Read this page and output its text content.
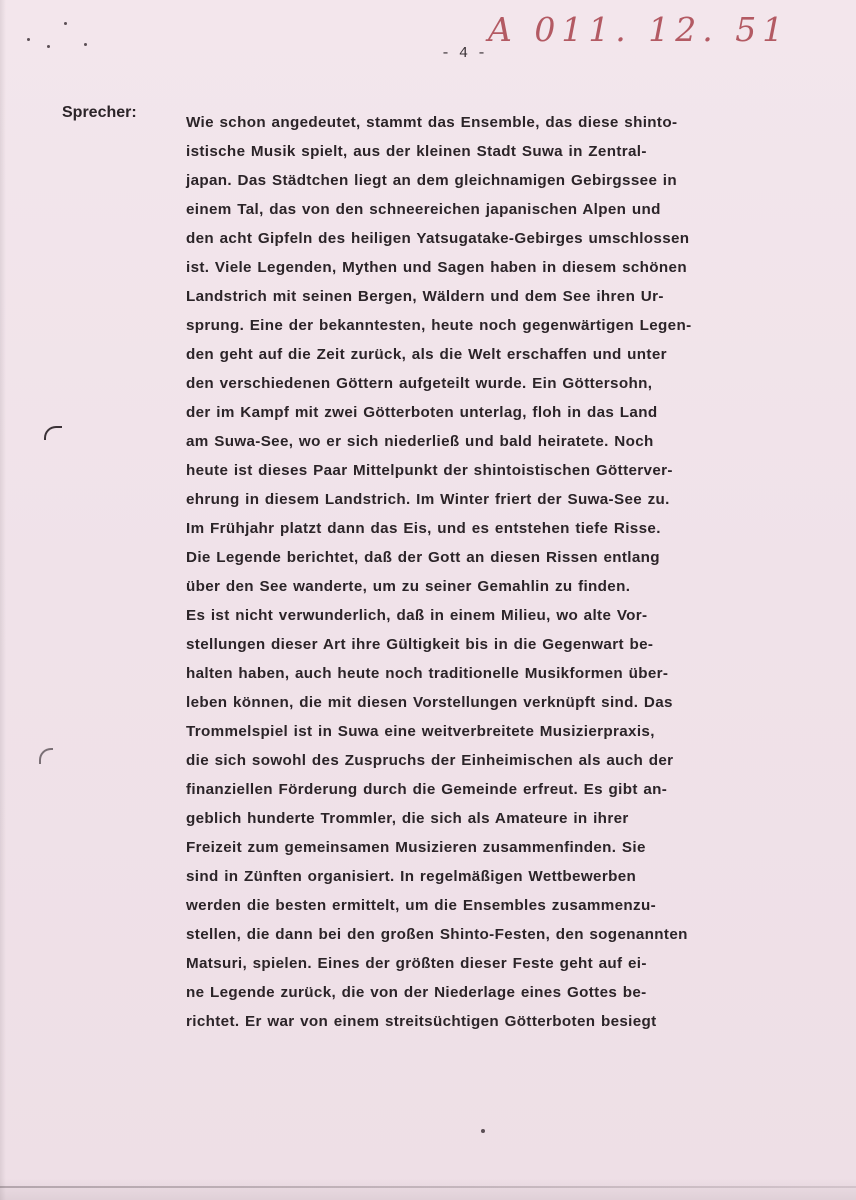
A 011. 12. 51
- 4 -
Sprecher:
Wie schon angedeutet, stammt das Ensemble, das diese shinto-
istische Musik spielt, aus der kleinen Stadt Suwa in Zentral-
japan. Das Städtchen liegt an dem gleichnamigen Gebirgssee in
einem Tal, das von den schneereichen japanischen Alpen und
den acht Gipfeln des heiligen Yatsugatake-Gebirges umschlossen
ist. Viele Legenden, Mythen und Sagen haben in diesem schönen
Landstrich mit seinen Bergen, Wäldern und dem See ihren Ur-
sprung. Eine der bekanntesten, heute noch gegenwärtigen Legen-
den geht auf die Zeit zurück, als die Welt erschaffen und unter
den verschiedenen Göttern aufgeteilt wurde. Ein Göttersohn,
der im Kampf mit zwei Götterboten unterlag, floh in das Land
am Suwa-See, wo er sich niederließ und bald heiratete. Noch
heute ist dieses Paar Mittelpunkt der shintoistischen Götterver-
ehrung in diesem Landstrich. Im Winter friert der Suwa-See zu.
Im Frühjahr platzt dann das Eis, und es entstehen tiefe Risse.
Die Legende berichtet, daß der Gott an diesen Rissen entlang
über den See wanderte, um zu seiner Gemahlin zu finden.
Es ist nicht verwunderlich, daß in einem Milieu, wo alte Vor-
stellungen dieser Art ihre Gültigkeit bis in die Gegenwart be-
halten haben, auch heute noch traditionelle Musikformen über-
leben können, die mit diesen Vorstellungen verknüpft sind. Das
Trommelspiel ist in Suwa eine weitverbreitete Musizierpraxis,
die sich sowohl des Zuspruchs der Einheimischen als auch der
finanziellen Förderung durch die Gemeinde erfreut. Es gibt an-
geblich hunderte Trommler, die sich als Amateure in ihrer
Freizeit zum gemeinsamen Musizieren zusammenfinden. Sie
sind in Zünften organisiert. In regelmäßigen Wettbewerben
werden die besten ermittelt, um die Ensembles zusammenzu-
stellen, die dann bei den großen Shinto-Festen, den sogenannten
Matsuri, spielen. Eines der größten dieser Feste geht auf ei-
ne Legende zurück, die von der Niederlage eines Gottes be-
richtet. Er war von einem streitsüchtigen Götterboten besiegt
